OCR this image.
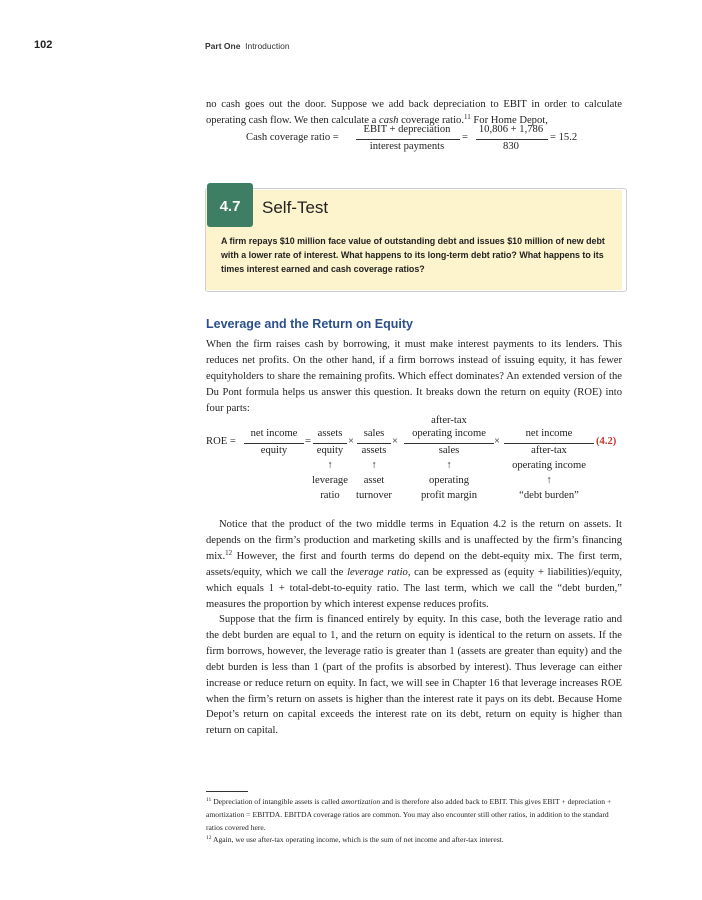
102	Part One Introduction

no cash goes out the door. Suppose we add back depreciation to EBIT in order to calculate operating cash flow. We then calculate a cash coverage ratio.$^{11}$ For Home Depot,

Cash coverage ratio =
EBIT + depreciation
interest payments
=
10,806 + 1,786
830
= 15.2
4.7	Self-Test

A firm repays $10 million face value of outstanding debt and issues $10 million of new debt with a lower rate of interest. What happens to its long-term debt ratio? What happens to its times interest earned and cash coverage ratios?

Leverage and the Return on Equity

When the firm raises cash by borrowing, it must make interest payments to its lenders. This reduces net profits. On the other hand, if a firm borrows instead of issuing equity, it has fewer equityholders to share the remaining profits. Which effect dominates? An extended version of the Du Pont formula helps us answer this question. It breaks down the return on equity (ROE) into four parts:

ROE =
net income
equity
=
assets
equity
×
sales
assets
×
after-tax
operating income
sales
×
net income
after-tax
operating income
(4.2)
↑	↑	↑
↑
leverage
ratio
asset
turnover
operating
profit margin	“debt burden”

Notice that the product of the two middle terms in Equation 4.2 is the return on assets. It depends on the firm’s production and marketing skills and is unaffected by the firm’s financing mix.$^{12}$ However, the first and fourth terms do depend on the debt-equity mix. The first term, assets/equity, which we call the leverage ratio, can be expressed as (equity + liabilities)/equity, which equals 1 + total-debt-to-equity ratio. The last term, which we call the “debt burden,” measures the proportion by which interest expense reduces profits.

Suppose that the firm is financed entirely by equity. In this case, both the leverage ratio and the debt burden are equal to 1, and the return on equity is identical to the return on assets. If the firm borrows, however, the leverage ratio is greater than 1 (assets are greater than equity) and the debt burden is less than 1 (part of the profits is absorbed by interest). Thus leverage can either increase or reduce return on equity. In fact, we will see in Chapter 16 that leverage increases ROE when the firm’s return on assets is higher than the interest rate it pays on its debt. Because Home Depot’s return on capital exceeds the interest rate on its debt, return on equity is higher than return on capital.

$^{11}$ Depreciation of intangible assets is called amortization and is therefore also added back to EBIT. This gives EBIT + depreciation + amortization = EBITDA. EBITDA coverage ratios are common. You may also encounter still other ratios, in addition to the standard ratios covered here.

$^{12}$ Again, we use after-tax operating income, which is the sum of net income and after-tax interest.
